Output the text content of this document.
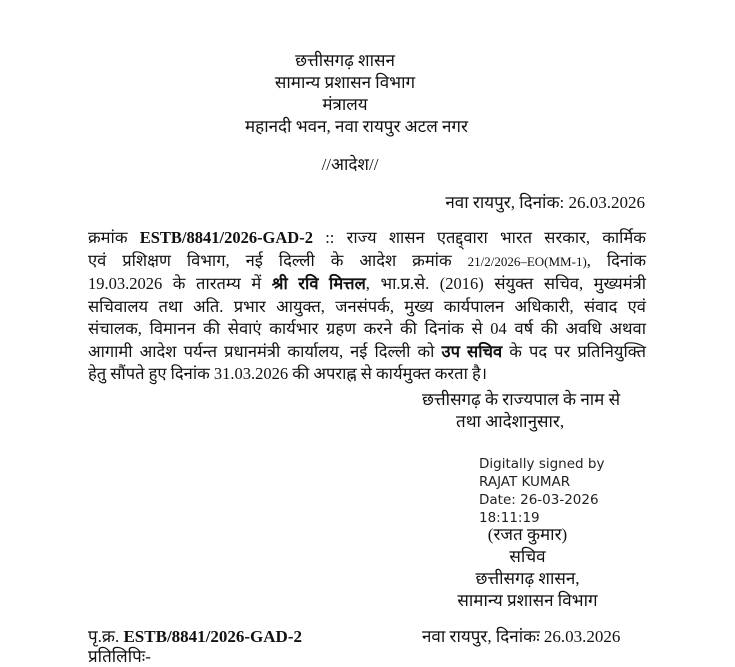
छत्तीसगढ़ शासन
सामान्य प्रशासन विभाग
मंत्रालय
महानदी भवन, नवा रायपुर अटल नगर
//आदेश//
नवा रायपुर, दिनांक: 26.03.2026
क्रमांक ESTB/8841/2026-GAD-2 :: राज्य शासन एतद्द्वारा भारत सरकार, कार्मिक
एवं प्रशिक्षण विभाग, नई दिल्ली के आदेश क्रमांक 21/2/2026–EO(MM-1), दिनांक
19.03.2026 के तारतम्य में श्री रवि मित्तल, भा.प्र.से. (2016) संयुक्त सचिव, मुख्यमंत्री
सचिवालय तथा अति. प्रभार आयुक्त, जनसंपर्क, मुख्य कार्यपालन अधिकारी, संवाद एवं
संचालक, विमानन की सेवाएं कार्यभार ग्रहण करने की दिनांक से 04 वर्ष की अवधि अथवा
आगामी आदेश पर्यन्त प्रधानमंत्री कार्यालय, नई दिल्ली को उप सचिव के पद पर प्रतिनियुक्ति
हेतु सौंपते हुए दिनांक 31.03.2026 की अपराह्न से कार्यमुक्त करता है।
छत्तीसगढ़ के राज्यपाल के नाम से
तथा आदेशानुसार,
Digitally signed by
RAJAT KUMAR
Date: 26-03-2026
18:11:19
(रजत कुमार)
सचिव
छत्तीसगढ़ शासन,
सामान्य प्रशासन विभाग
पृ.क्र. ESTB/8841/2026-GAD-2	नवा रायपुर, दिनांकः 26.03.2026
प्रतिलिपिः-
